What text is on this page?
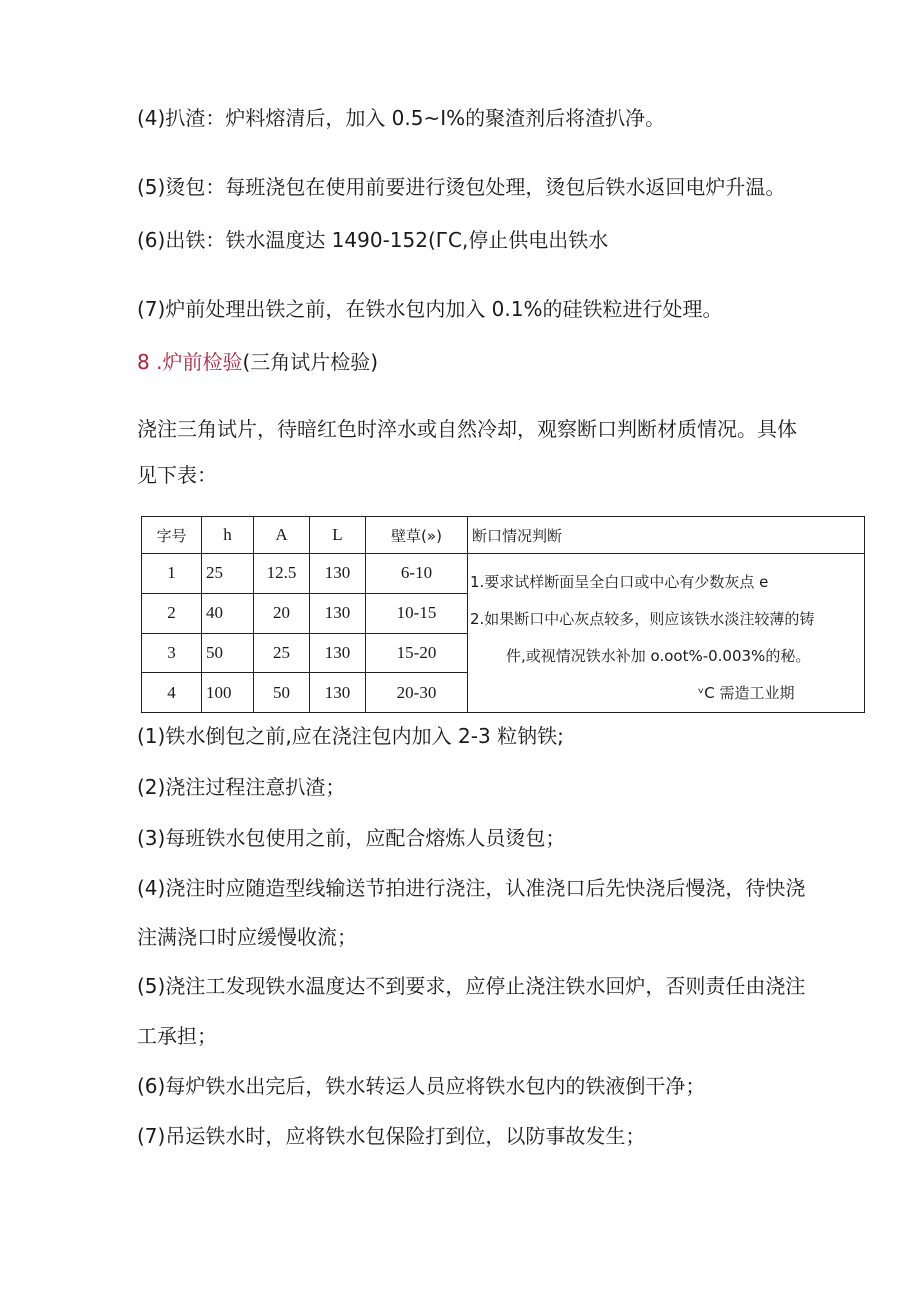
(4)扒渣：炉料熔清后，加入 0.5~I%的聚渣剂后将渣扒净。
(5)烫包：每班浇包在使用前要进行烫包处理，烫包后铁水返回电炉升温。
(6)出铁：铁水温度达 1490-152(ГC,停止供电出铁水
(7)炉前处理出铁之前，在铁水包内加入 0.1%的硅铁粒进行处理。
8 .炉前检验(三角试片检验)
浇注三角试片，待暗红色时淬水或自然冷却，观察断口判断材质情况。具体
见下表：
字号	h	A	L	壁草(»)	断口情况判断
1	25	12.5	130	6-10	1.要求试样断面呈全白口或中心有少数灰点 e
2.如果断口中心灰点较多，则应该铁水淡注较薄的铸
件,或视情况铁水补加 o.oot%-0.003%的秘。
ᵛC 需造工业期

2	40	20	130	10-15	
3	50	25	130	15-20	
4	100	50	130	20-30	
(1)铁水倒包之前,应在浇注包内加入 2-3 粒钠铁;
(2)浇注过程注意扒渣；
(3)每班铁水包使用之前，应配合熔炼人员烫包；
(4)浇注时应随造型线输送节拍进行浇注，认准浇口后先快浇后慢浇，待快浇
注满浇口时应缓慢收流；
(5)浇注工发现铁水温度达不到要求，应停止浇注铁水回炉，否则责任由浇注
工承担；
(6)每炉铁水出完后，铁水转运人员应将铁水包内的铁液倒干净；
(7)吊运铁水时，应将铁水包保险打到位，以防事故发生；
